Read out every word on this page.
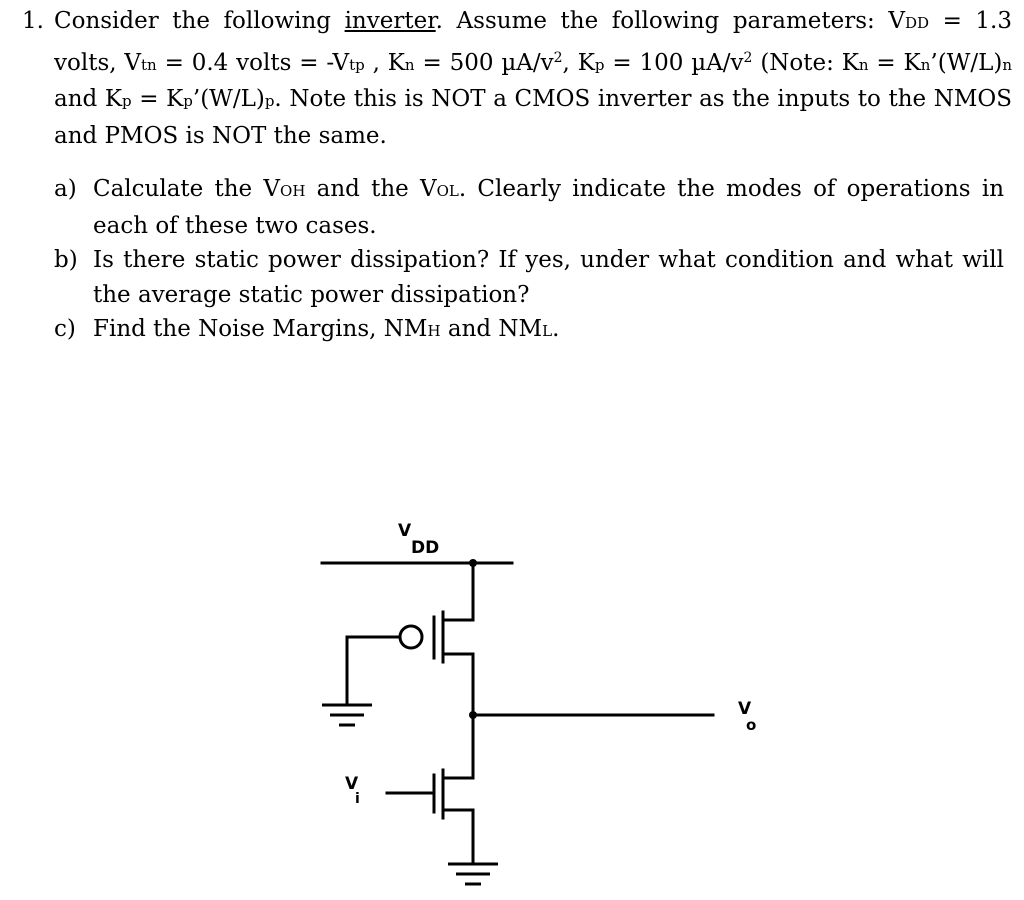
1. Consider the following inverter. Assume the following parameters: VDD = 1.3 volts, Vtn = 0.4 volts = -Vtp , Kn = 500 $\mu A/v^2$, Kp = 100 $\mu A/v^2$ (Note: Kn = Kn’(W/L)n and Kp = Kp’(W/L)p. Note this is NOT a CMOS inverter as the inputs to the NMOS and PMOS is NOT the same.
a) Calculate the VOH and the VOL. Clearly indicate the modes of operations in each of these two cases.
b) Is there static power dissipation? If yes, under what condition and what will the average static power dissipation?
c) Find the Noise Margins, NMH and NML.
V
DD
V
o
V
i
